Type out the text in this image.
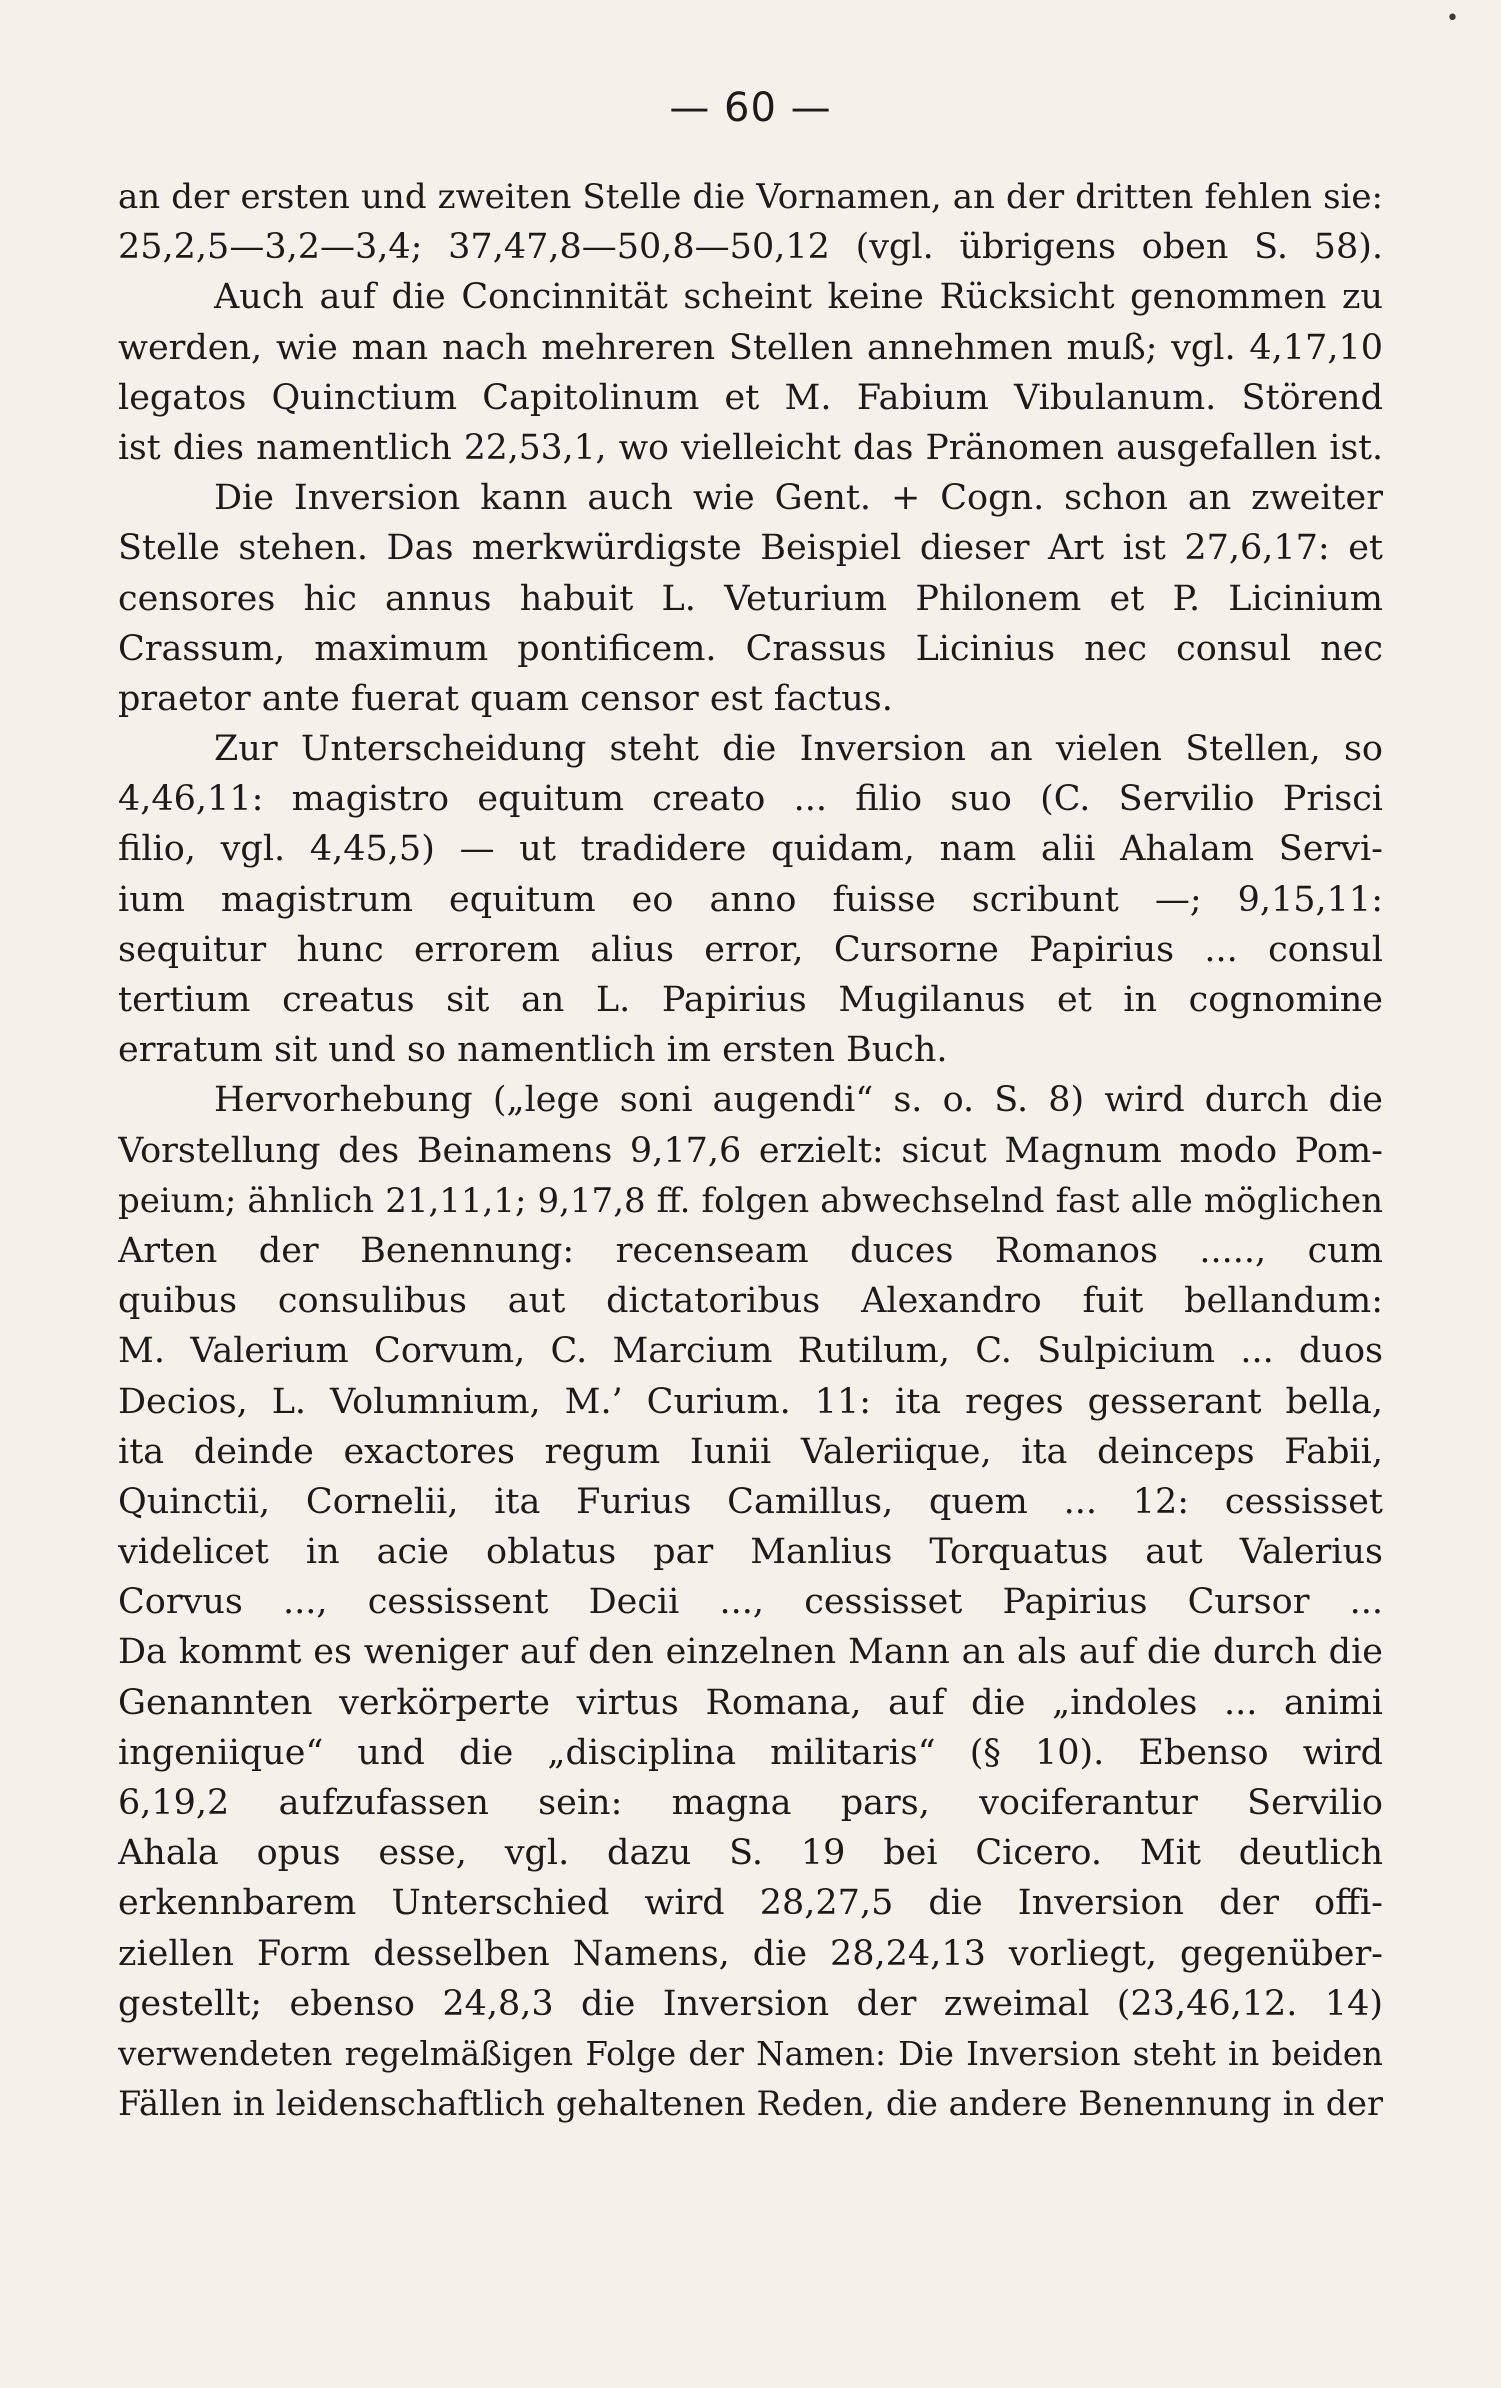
— 60 —
an der ersten und zweiten Stelle die Vornamen, an der dritten fehlen sie:
25,2,5—3,2—3,4; 37,47,8—50,8—50,12 (vgl. übrigens oben S. 58).
Auch auf die Concinnität scheint keine Rücksicht genommen zu
werden, wie man nach mehreren Stellen annehmen muß; vgl. 4,17,10
legatos Quinctium Capitolinum et M. Fabium Vibulanum. Störend
ist dies namentlich 22,53,1, wo vielleicht das Pränomen ausgefallen ist.
Die Inversion kann auch wie Gent. + Cogn. schon an zweiter
Stelle stehen. Das merkwürdigste Beispiel dieser Art ist 27,6,17: et
censores hic annus habuit L. Veturium Philonem et P. Licinium
Crassum, maximum pontificem. Crassus Licinius nec consul nec
praetor ante fuerat quam censor est factus.
Zur Unterscheidung steht die Inversion an vielen Stellen, so
4,46,11: magistro equitum creato ... filio suo (C. Servilio Prisci
filio, vgl. 4,45,5) — ut tradidere quidam, nam alii Ahalam Servi-
ium magistrum equitum eo anno fuisse scribunt —; 9,15,11:
sequitur hunc errorem alius error, Cursorne Papirius ... consul
tertium creatus sit an L. Papirius Mugilanus et in cognomine
erratum sit und so namentlich im ersten Buch.
Hervorhebung („lege soni augendi“ s. o. S. 8) wird durch die
Vorstellung des Beinamens 9,17,6 erzielt: sicut Magnum modo Pom-
peium; ähnlich 21,11,1; 9,17,8 ff. folgen abwechselnd fast alle möglichen
Arten der Benennung: recenseam duces Romanos ....., cum
quibus consulibus aut dictatoribus Alexandro fuit bellandum:
M. Valerium Corvum, C. Marcium Rutilum, C. Sulpicium ... duos
Decios, L. Volumnium, M.’ Curium. 11: ita reges gesserant bella,
ita deinde exactores regum Iunii Valeriique, ita deinceps Fabii,
Quinctii, Cornelii, ita Furius Camillus, quem ... 12: cessisset
videlicet in acie oblatus par Manlius Torquatus aut Valerius
Corvus ..., cessissent Decii ..., cessisset Papirius Cursor ...
Da kommt es weniger auf den einzelnen Mann an als auf die durch die
Genannten verkörperte virtus Romana, auf die „indoles ... animi
ingeniique“ und die „disciplina militaris“ (§ 10). Ebenso wird
6,19,2 aufzufassen sein: magna pars, vociferantur Servilio
Ahala opus esse, vgl. dazu S. 19 bei Cicero. Mit deutlich
erkennbarem Unterschied wird 28,27,5 die Inversion der offi-
ziellen Form desselben Namens, die 28,24,13 vorliegt, gegenüber-
gestellt; ebenso 24,8,3 die Inversion der zweimal (23,46,12. 14)
verwendeten regelmäßigen Folge der Namen: Die Inversion steht in beiden
Fällen in leidenschaftlich gehaltenen Reden, die andere Benennung in der
•
